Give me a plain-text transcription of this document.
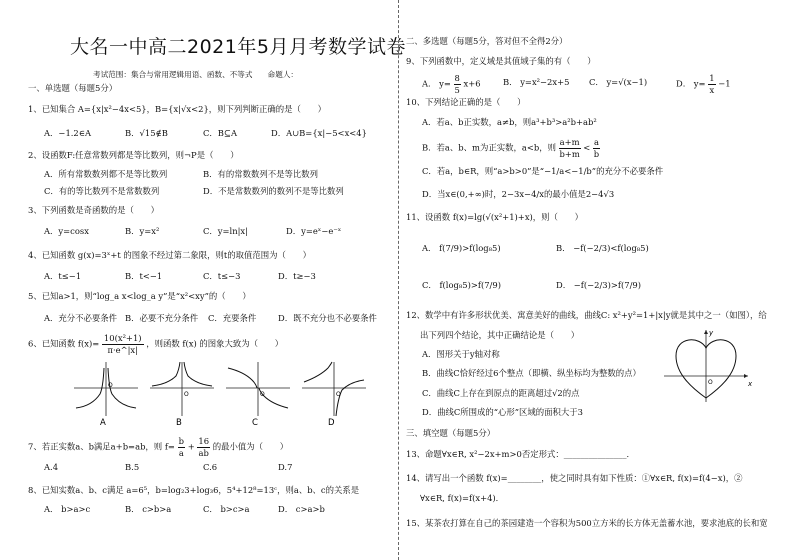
大名一中高二2021年5月月考数学试卷
考试范围：集合与常用逻辑用语、函数、不等式　　命题人：
一、单选题（每题5分）
1、已知集合 A={x|x²−4x<5}，B={x|√x<2}，则下列判断正确的是（　　）
A．−1.2∈A	B．√15∉B	C．B⊆A	D．A∪B={x|−5<x<4}
2、设函数F:任意常数列都是等比数列，则¬P是（　　）
A．所有常数数列都不是等比数列	B．有的常数数列不是等比数列
C．有的等比数列不是常数数列	D．不是常数数列的数列不是等比数列
3、下列函数是奇函数的是（　　）
A．y=cosx	B．y=x²	C．y=ln|x|	D．y=eˣ−e⁻ˣ
4、已知函数 g(x)=3ˣ+t 的图象不经过第二象限，则t的取值范围为（　　）
A．t≤−1	B．t<−1	C．t≤−3	D．t≥−3
5、已知a>1，则“log_a x<log_a y”是“x²<xy”的（　　）
A．充分不必要条件 B．必要不充分条件 C．充要条件	D．既不充分也不必要条件
6、已知函数 $f(x)= \frac{\text{10(x²+1)}}{\pi\cdot e\^{}|x|}$ ，则函数 f(x) 的图象大致为（　　）
O
O	O	O
A	B	C	D
7、若正实数a、b满足a+b=ab，则 $f= \frac{b}{a} + \frac{16}{ab}$ 的最小值为（　　）
A.4	B.5	C.6	D.7
8、已知实数a、b、c满足 a=6⁵，b=log₂3+log₃6，5⁴+12⁸=13ᶜ，则a、b、c的关系是
A． b>a>c	B． c>b>a	C． b>c>a	D． c>a>b
二、多选题（每题5分，答对但不全得2分）
9、下列函数中，定义域是其值域子集的有（　　）
A． $y= \frac{8}{5} x+6$	B． y=x²−2x+5 C． y=√(x−1)	D． $y= \frac{1}{x} -1$
10、下列结论正确的是（　　）
A．若a、b正实数，a≠b，则a³+b³>a²b+ab²
B．若a、b、m为正实数，a<b，则 $\frac{a+m}{b+m} < \frac{a}{b}$
C．若a，b∈R，则“a>b>0”是“−1/a<−1/b”的充分不必要条件
D．当x∈(0,+∞)时，2−3x−4/x的最小值是2−4√3
11、设函数 f(x)=lg(√(x²+1)+x)，则（　　）
A． f(7/9)>f(log₈5)	B． −f(−2/3)<f(log₈5)
C． f(log₈5)>f(7/9)	D． −f(−2/3)>f(7/9)
12、数学中有许多形状优美、寓意美好的曲线，曲线C: x²+y²=1+|x|y就是其中之一（如图），给
出下列四个结论，其中正确结论是（　　）
A．图形关于y轴对称
B．曲线C恰好经过6个整点（即横、纵坐标均为整数的点）
C．曲线C上存在到原点的距离超过√2的点
D．曲线C所围成的“心形”区域的面积大于3
x
y
O
三、填空题（每题5分）
13、命题∀x∈R, x²−2x+m>0否定形式：_______________．
14、请写出一个函数 f(x)=________，使之同时具有如下性质：①∀x∈R, f(x)=f(4−x)，②
∀x∈R, f(x)=f(x+4)．
15、某茶农打算在自己的茶园建造一个容积为500立方米的长方体无盖蓄水池，要求池底的长和宽
